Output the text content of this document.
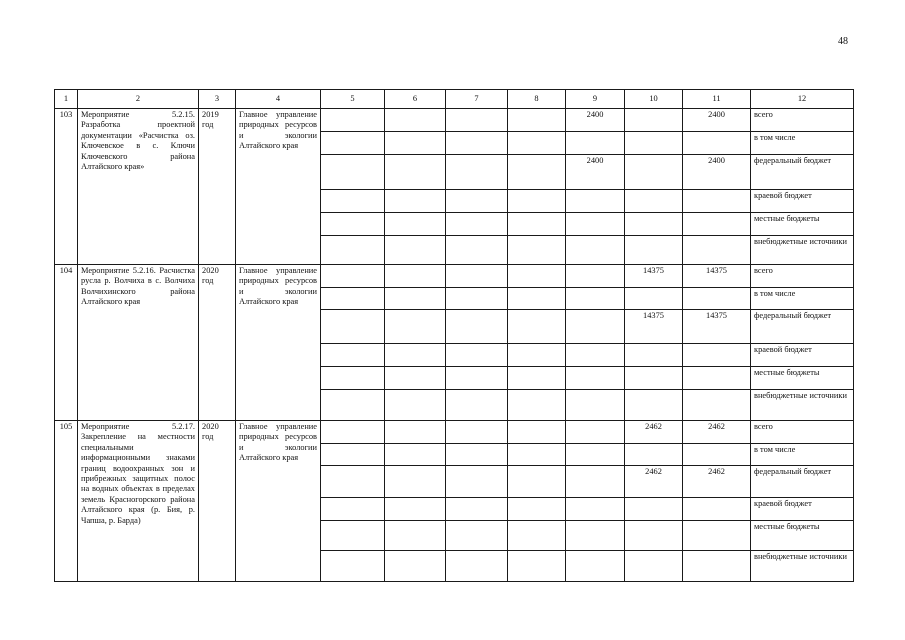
48
1	2	3	4	5	6	7	8	9	10	11	12
103	Мероприятие 5.2.15. Разработка проектной документации «Расчистка оз. Ключевское в с. Ключи Ключевского района Алтайского края»	2019 год	Главное управление природных ресурсов и экологии Алтайского края					2400		2400	всего
											в том числе
								2400		2400	федеральный бюджет
											краевой бюджет
											местные бюджеты
											внебюджетные источники
104	Мероприятие 5.2.16. Расчистка русла р. Волчиха в с. Волчиха Волчихинского района Алтайского края	2020 год	Главное управление природных ресурсов и экологии Алтайского края						14375	14375	всего
											в том числе
									14375	14375	федеральный бюджет
											краевой бюджет
											местные бюджеты
											внебюджетные источники
105	Мероприятие 5.2.17. Закрепление на местности специальными информационными знаками границ водоохранных зон и прибрежных защитных полос на водных объектах в пределах земель Красногорского района Алтайского края (р. Бия, р. Чапша, р. Барда)	2020 год	Главное управление природных ресурсов и экологии Алтайского края						2462	2462	всего
											в том числе
									2462	2462	федеральный бюджет
											краевой бюджет
											местные бюджеты
											внебюджетные источники
